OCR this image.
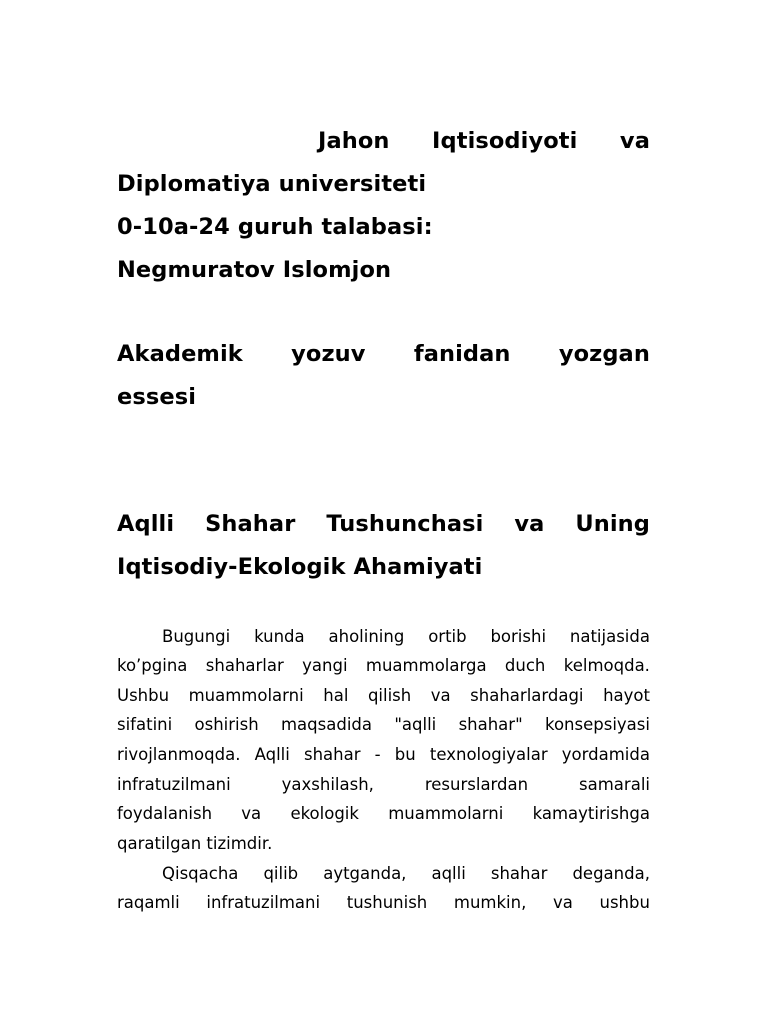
Jahon Iqtisodiyoti va
Diplomatiya universiteti
0-10a-24 guruh talabasi:
Negmuratov Islomjon
Akademik yozuv fanidan yozgan
essesi
Aqlli Shahar Tushunchasi va Uning
Iqtisodiy-Ekologik Ahamiyati
Bugungi kunda aholining ortib borishi natijasida
ko’pgina shaharlar yangi muammolarga duch kelmoqda.
Ushbu muammolarni hal qilish va shaharlardagi hayot
sifatini oshirish maqsadida "aqlli shahar" konsepsiyasi
rivojlanmoqda. Aqlli shahar - bu texnologiyalar yordamida
infratuzilmani	yaxshilash,	resurslardan	samarali
foydalanish va ekologik muammolarni kamaytirishga
qaratilgan tizimdir.
Qisqacha qilib aytganda, aqlli shahar deganda,
raqamli infratuzilmani tushunish mumkin, va ushbu
